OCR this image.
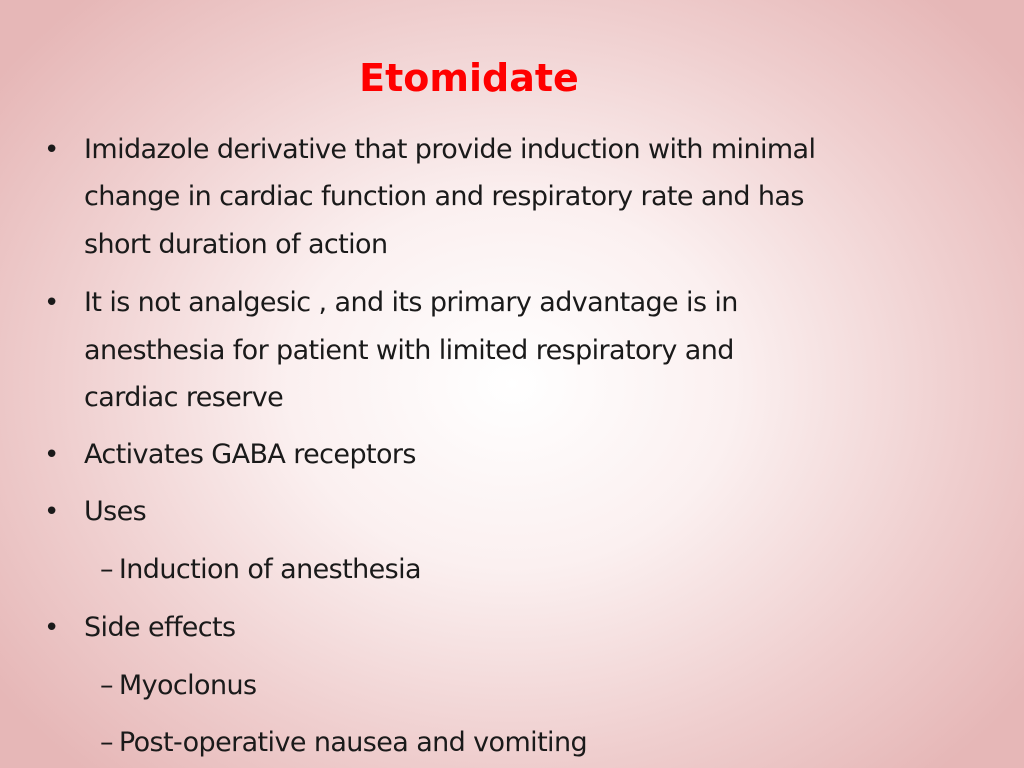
Etomidate
• Imidazole derivative that provide induction with minimal
change in cardiac function and respiratory rate and has
short duration of action
• It is not analgesic , and its primary advantage is in
anesthesia for patient with limited respiratory and
cardiac reserve
• Activates GABA receptors
• Uses
– Induction of anesthesia
• Side effects
– Myoclonus
– Post-operative nausea and vomiting
